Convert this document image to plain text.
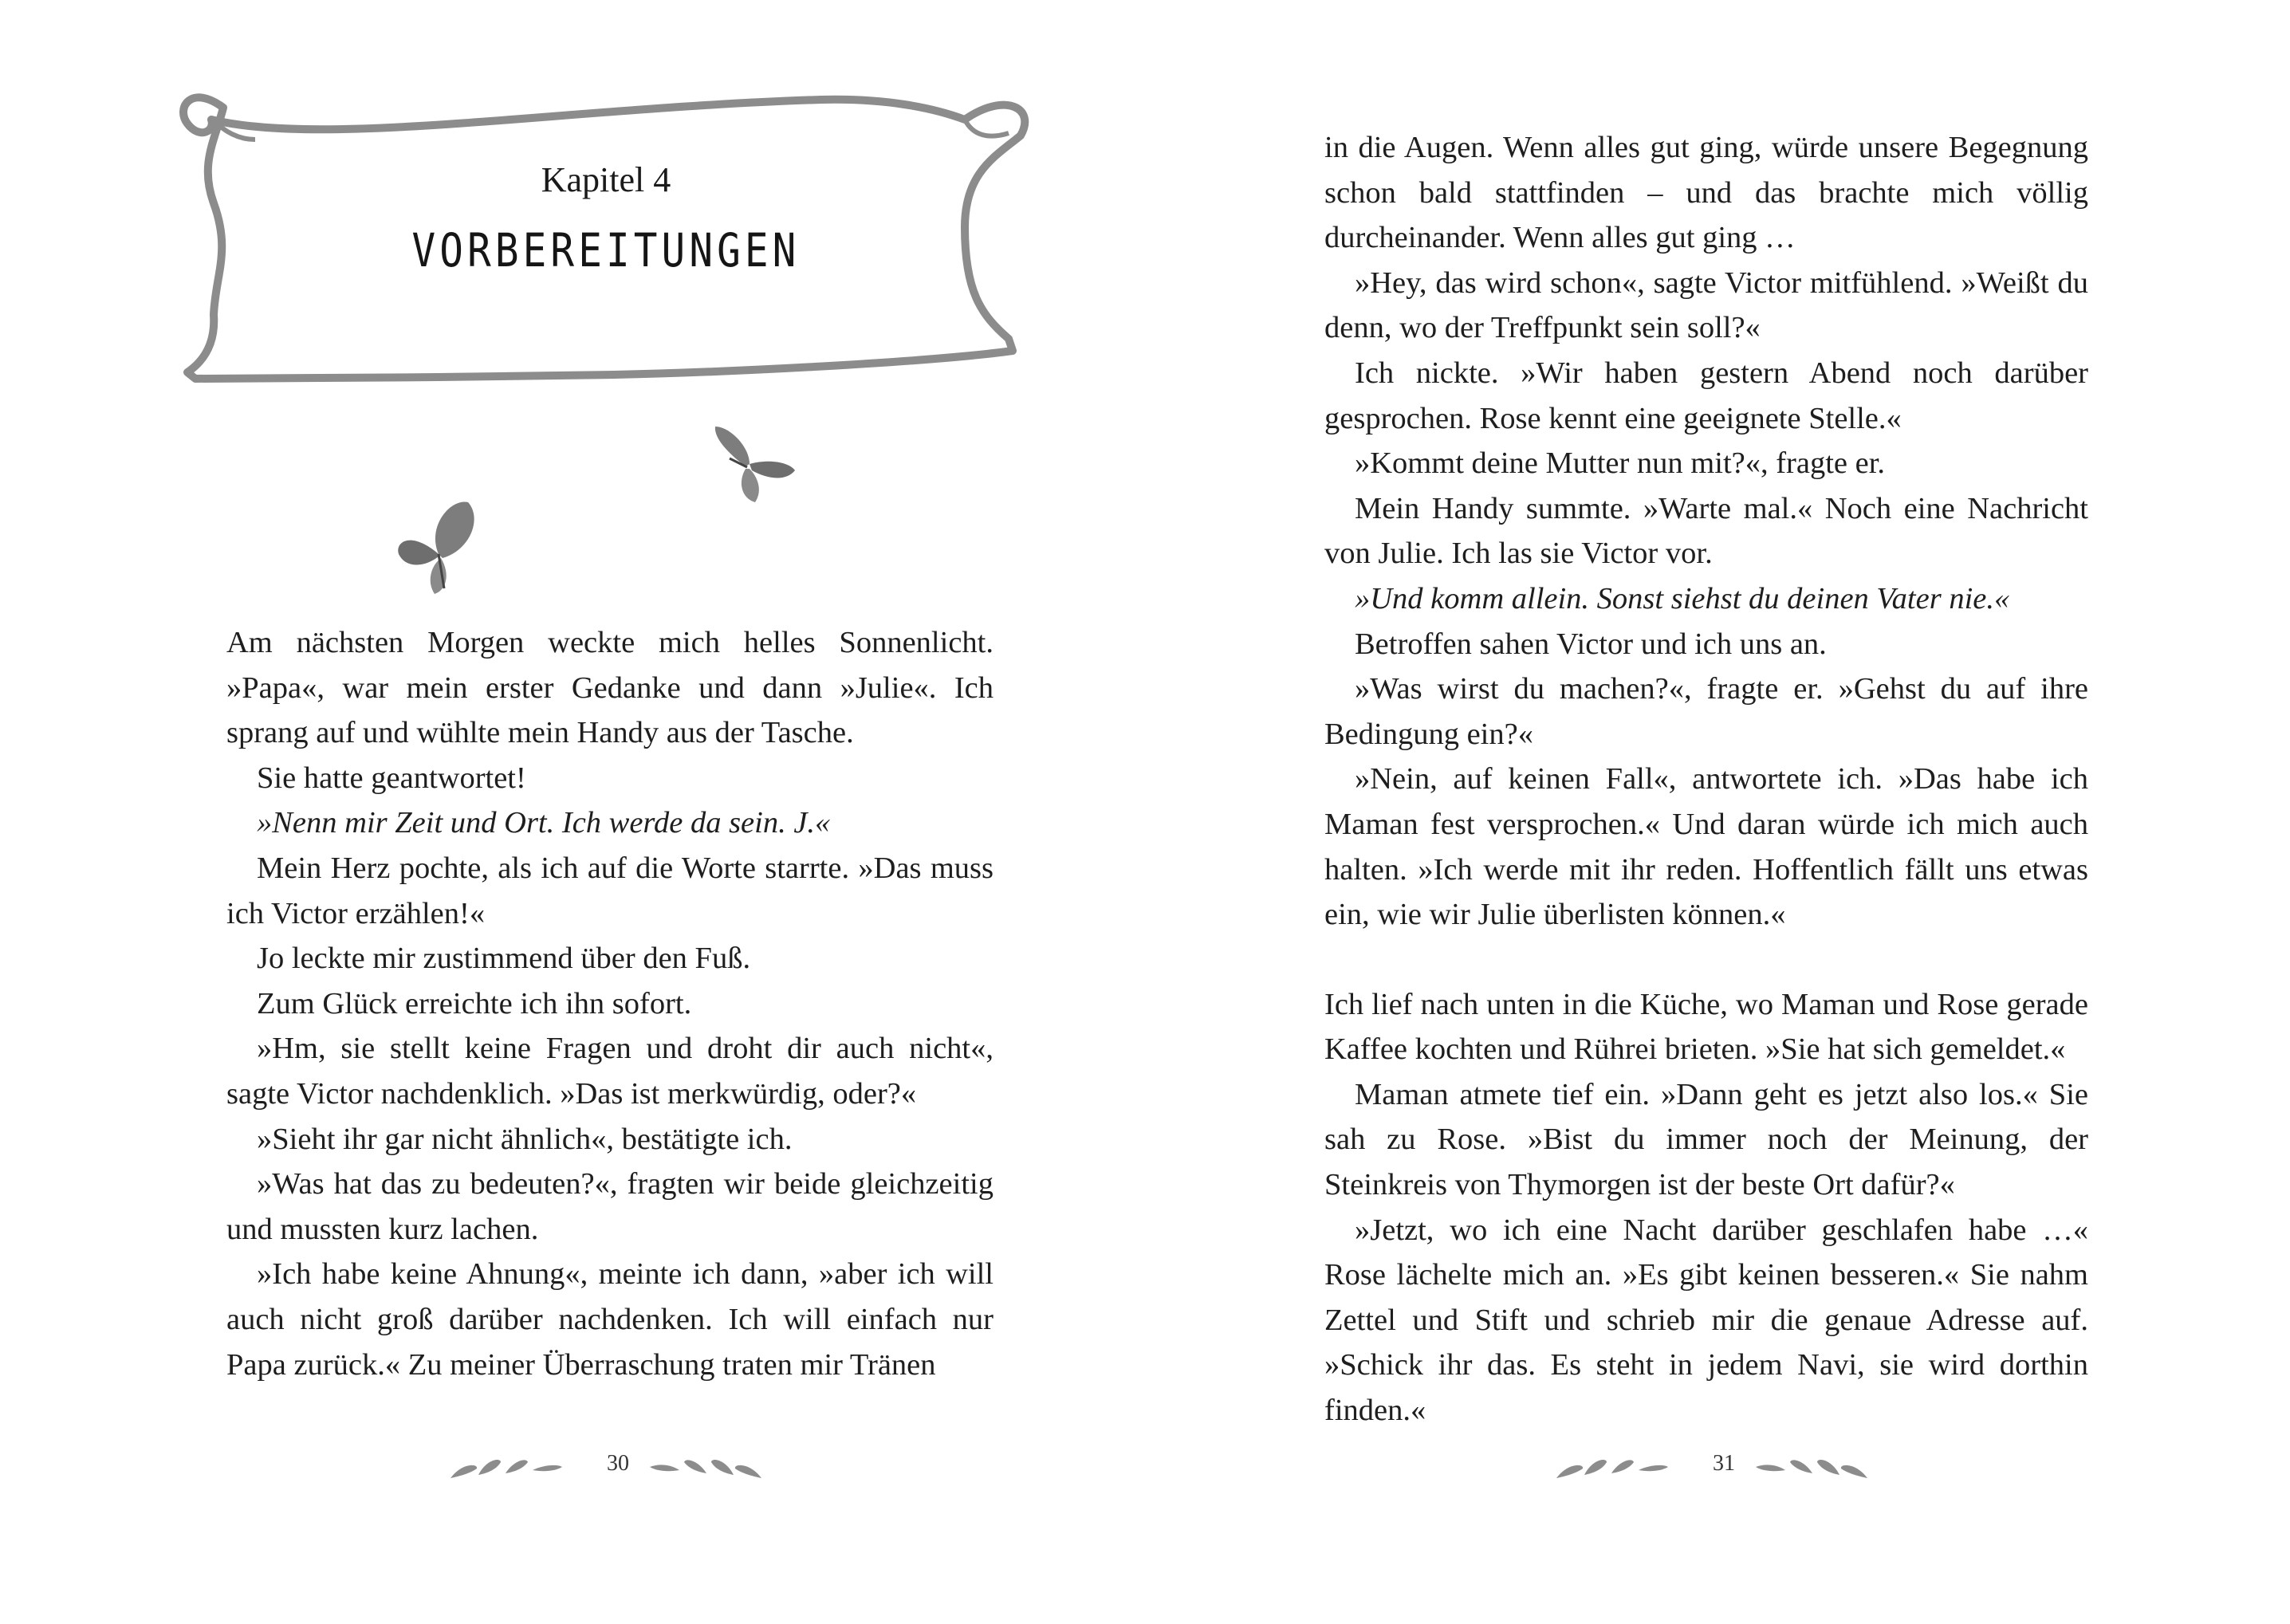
Kapitel 4
VORBEREITUNGEN

Am nächsten Morgen weckte mich helles Sonnenlicht. »Papa«, war mein erster Gedanke und dann »Julie«. Ich sprang auf und wühlte mein Handy aus der Tasche.

Sie hatte geantwortet!

»Nenn mir Zeit und Ort. Ich werde da sein. J.«

Mein Herz pochte, als ich auf die Worte starrte. »Das muss ich Victor erzählen!«

Jo leckte mir zustimmend über den Fuß.

Zum Glück erreichte ich ihn sofort.

»Hm, sie stellt keine Fragen und droht dir auch nicht«, sagte Victor nachdenklich. »Das ist merkwürdig, oder?«

»Sieht ihr gar nicht ähnlich«, bestätigte ich.

»Was hat das zu bedeuten?«, fragten wir beide gleichzeitig und mussten kurz lachen.

»Ich habe keine Ahnung«, meinte ich dann, »aber ich will auch nicht groß darüber nachdenken. Ich will einfach nur Papa zurück.« Zu meiner Überraschung traten mir Tränen

30

in die Augen. Wenn alles gut ging, würde unsere Begegnung schon bald stattfinden – und das brachte mich völlig durcheinander. Wenn alles gut ging …

»Hey, das wird schon«, sagte Victor mitfühlend. »Weißt du denn, wo der Treffpunkt sein soll?«

Ich nickte. »Wir haben gestern Abend noch darüber gesprochen. Rose kennt eine geeignete Stelle.«

»Kommt deine Mutter nun mit?«, fragte er.

Mein Handy summte. »Warte mal.« Noch eine Nachricht von Julie. Ich las sie Victor vor.

»Und komm allein. Sonst siehst du deinen Vater nie.«

Betroffen sahen Victor und ich uns an.

»Was wirst du machen?«, fragte er. »Gehst du auf ihre Bedingung ein?«

»Nein, auf keinen Fall«, antwortete ich. »Das habe ich Maman fest versprochen.« Und daran würde ich mich auch halten. »Ich werde mit ihr reden. Hoffentlich fällt uns etwas ein, wie wir Julie überlisten können.«

Ich lief nach unten in die Küche, wo Maman und Rose gerade Kaffee kochten und Rührei brieten. »Sie hat sich gemeldet.«

Maman atmete tief ein. »Dann geht es jetzt also los.« Sie sah zu Rose. »Bist du immer noch der Meinung, der Steinkreis von Thymorgen ist der beste Ort dafür?«

»Jetzt, wo ich eine Nacht darüber geschlafen habe …« Rose lächelte mich an. »Es gibt keinen besseren.« Sie nahm Zettel und Stift und schrieb mir die genaue Adresse auf. »Schick ihr das. Es steht in jedem Navi, sie wird dorthin finden.«

31
